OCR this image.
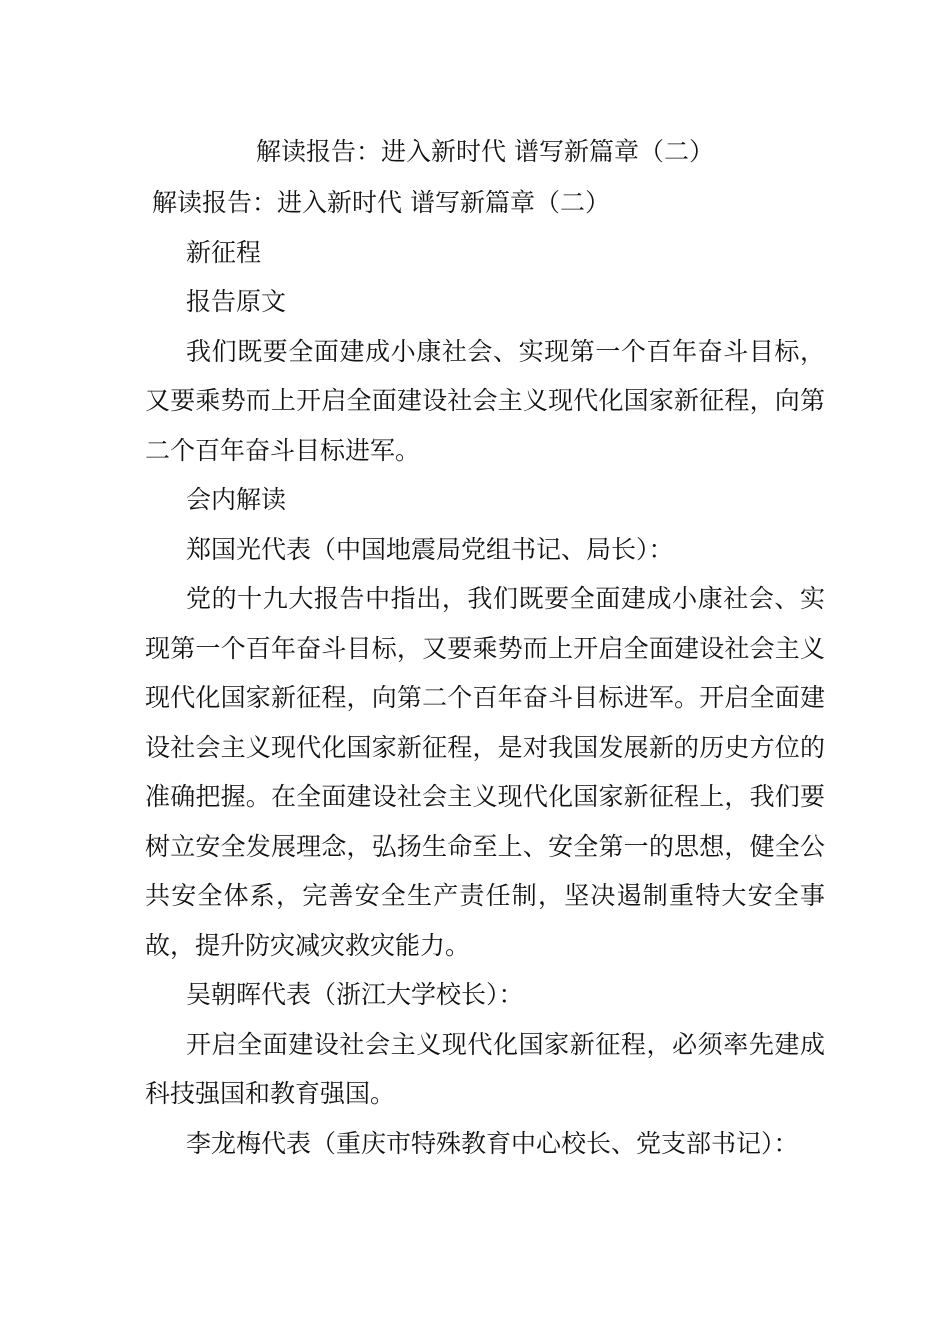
解读报告：进入新时代 谱写新篇章（二）
解读报告：进入新时代 谱写新篇章（二）

新征程

报告原文

我们既要全面建成小康社会、实现第一个百年奋斗目标，又要乘势而上开启全面建设社会主义现代化国家新征程，向第二个百年奋斗目标进军。

会内解读

郑国光代表（中国地震局党组书记、局长）：

党的十九大报告中指出，我们既要全面建成小康社会、实现第一个百年奋斗目标，又要乘势而上开启全面建设社会主义现代化国家新征程，向第二个百年奋斗目标进军。开启全面建设社会主义现代化国家新征程，是对我国发展新的历史方位的准确把握。在全面建设社会主义现代化国家新征程上，我们要树立安全发展理念，弘扬生命至上、安全第一的思想，健全公共安全体系，完善安全生产责任制，坚决遏制重特大安全事故，提升防灾减灾救灾能力。

吴朝晖代表（浙江大学校长）：

开启全面建设社会主义现代化国家新征程，必须率先建成科技强国和教育强国。

李龙梅代表（重庆市特殊教育中心校长、党支部书记）：
